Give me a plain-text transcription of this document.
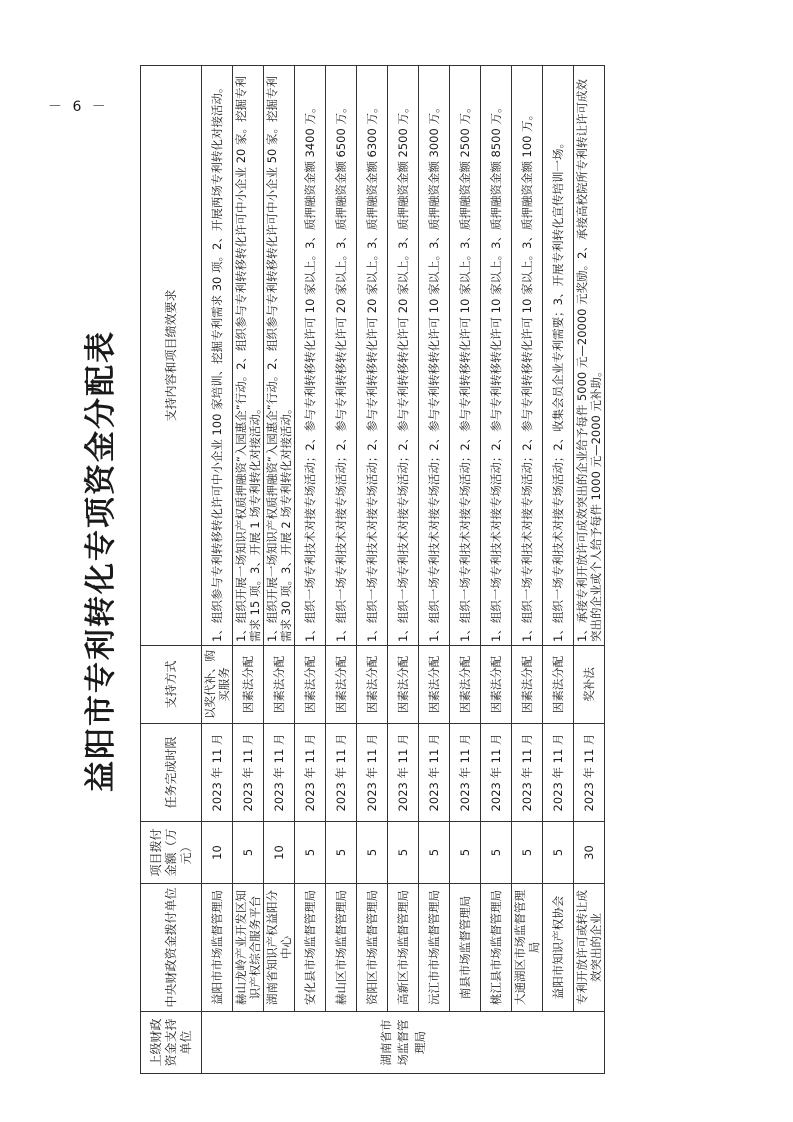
益阳市专利转化专项资金分配表
上级财政资金支持单位	中央财政资金拨付单位	项目拨付金额（万元）	任务完成时限	支持方式	支持内容和项目绩效要求
湖南省市场监督管理局	益阳市市场监督管理局	10	2023 年 11 月	以奖代补、购买服务	1、组织参与专利转移转化许可中小企业 100 家培训、挖掘专利需求 30 项。2、开展两场专利转化对接活动。
	赫山龙岭产业开发区知识产权综合服务平台	5	2023 年 11 月	因素法分配	1、组织开展一场知识产权质押融资“入园惠企”行动。2、组织参与专利转移转化许可中小企业 20 家。挖掘专利需求 15 项。3、开展 1 场专利转化对接活动。
	湖南省知识产权益阳分中心	10	2023 年 11 月	因素法分配	1、组织开展一场知识产权质押融资“入园惠企”行动。2、组织参与专利转移转化许可中小企业 50 家。挖掘专利需求 30 项。3、开展 2 场专利转化对接活动。
	安化县市场监督管理局	5	2023 年 11 月	因素法分配	1、组织一场专利技术对接专场活动；2、参与专利转移转化许可 10 家以上。3、质押融资金额 3400 万。
	赫山区市场监督管理局	5	2023 年 11 月	因素法分配	1、组织一场专利技术对接专场活动；2、参与专利转移转化许可 20 家以上。3、质押融资金额 6500 万。
	资阳区市场监督管理局	5	2023 年 11 月	因素法分配	1、组织一场专利技术对接专场活动；2、参与专利转移转化许可 20 家以上。3、质押融资金额 6300 万。
	高新区市场监督管理局	5	2023 年 11 月	因素法分配	1、组织一场专利技术对接专场活动；2、参与专利转移转化许可 20 家以上。3、质押融资金额 2500 万。
	沅江市市场监督管理局	5	2023 年 11 月	因素法分配	1、组织一场专利技术对接专场活动；2、参与专利转移转化许可 10 家以上。3、质押融资金额 3000 万。
	南县市场监督管理局	5	2023 年 11 月	因素法分配	1、组织一场专利技术对接专场活动；2、参与专利转移转化许可 10 家以上。3、质押融资金额 2500 万。
	桃江县市场监督管理局	5	2023 年 11 月	因素法分配	1、组织一场专利技术对接专场活动；2、参与专利转移转化许可 10 家以上。3、质押融资金额 8500 万。
	大通湖区市场监督管理局	5	2023 年 11 月	因素法分配	1、组织一场专利技术对接专场活动；2、参与专利转移转化许可 10 家以上。3、质押融资金额 100 万。
	益阳市知识产权协会	5	2023 年 11 月	因素法分配	1、组织一场专利技术对接专场活动；2、收集会员企业专利需要；3、开展专利转化宣传培训一场。
	专利开放许可或转让成效突出的企业	30	2023 年 11 月	奖补法	1、承接专利开放许可成效突出的企业给予每件 5000 元—20000 元奖励。2、承接高校院所专利转让许可成效突出的企业或个人给予每件 1000 元—2000 元补助。
－ 6 －
